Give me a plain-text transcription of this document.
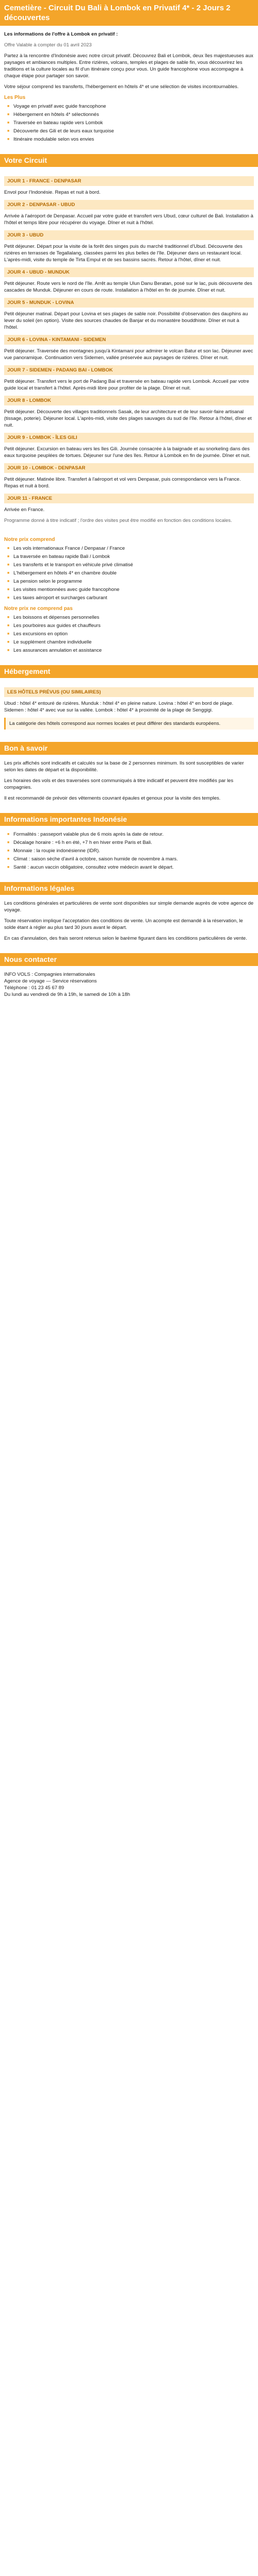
Cemetière - Circuit Du Bali à Lombok en Privatif 4* - 2 Jours 2 découvertes

Les informations de l'offre à Lombok en privatif :

Offre Valable à compter du 01 avril 2023

Partez à la rencontre d'Indonésie avec notre circuit privatif. Découvrez Bali et Lombok, deux îles majestueuses aux paysages et ambiances multiples. Entre rizières, volcans, temples et plages de sable fin, vous découvrirez les traditions et la culture locales au fil d'un itinéraire conçu pour vous. Un guide francophone vous accompagne à chaque étape pour partager son savoir.

Votre séjour comprend les transferts, l'hébergement en hôtels 4* et une sélection de visites incontournables.

Les Plus
■ Voyage en privatif avec guide francophone
■ Hébergement en hôtels 4* sélectionnés
■ Traversée en bateau rapide vers Lombok
■ Découverte des Gili et de leurs eaux turquoise
■ Itinéraire modulable selon vos envies
Votre Circuit
JOUR 1 - FRANCE - DENPASAR

Envol pour l'Indonésie. Repas et nuit à bord.

JOUR 2 - DENPASAR - UBUD

Arrivée à l'aéroport de Denpasar. Accueil par votre guide et transfert vers Ubud, cœur culturel de Bali. Installation à l'hôtel et temps libre pour récupérer du voyage. Dîner et nuit à l'hôtel.

JOUR 3 - UBUD

Petit déjeuner. Départ pour la visite de la forêt des singes puis du marché traditionnel d'Ubud. Découverte des rizières en terrasses de Tegallalang, classées parmi les plus belles de l'île. Déjeuner dans un restaurant local. L'après-midi, visite du temple de Tirta Empul et de ses bassins sacrés. Retour à l'hôtel, dîner et nuit.

JOUR 4 - UBUD - MUNDUK

Petit déjeuner. Route vers le nord de l'île. Arrêt au temple Ulun Danu Beratan, posé sur le lac, puis découverte des cascades de Munduk. Déjeuner en cours de route. Installation à l'hôtel en fin de journée. Dîner et nuit.

JOUR 5 - MUNDUK - LOVINA

Petit déjeuner matinal. Départ pour Lovina et ses plages de sable noir. Possibilité d'observation des dauphins au lever du soleil (en option). Visite des sources chaudes de Banjar et du monastère bouddhiste. Dîner et nuit à l'hôtel.

JOUR 6 - LOVINA - KINTAMANI - SIDEMEN

Petit déjeuner. Traversée des montagnes jusqu'à Kintamani pour admirer le volcan Batur et son lac. Déjeuner avec vue panoramique. Continuation vers Sidemen, vallée préservée aux paysages de rizières. Dîner et nuit.

JOUR 7 - SIDEMEN - PADANG BAI - LOMBOK

Petit déjeuner. Transfert vers le port de Padang Bai et traversée en bateau rapide vers Lombok. Accueil par votre guide local et transfert à l'hôtel. Après-midi libre pour profiter de la plage. Dîner et nuit.

JOUR 8 - LOMBOK

Petit déjeuner. Découverte des villages traditionnels Sasak, de leur architecture et de leur savoir-faire artisanal (tissage, poterie). Déjeuner local. L'après-midi, visite des plages sauvages du sud de l'île. Retour à l'hôtel, dîner et nuit.

JOUR 9 - LOMBOK - ÎLES GILI

Petit déjeuner. Excursion en bateau vers les îles Gili. Journée consacrée à la baignade et au snorkeling dans des eaux turquoise peuplées de tortues. Déjeuner sur l'une des îles. Retour à Lombok en fin de journée. Dîner et nuit.

JOUR 10 - LOMBOK - DENPASAR

Petit déjeuner. Matinée libre. Transfert à l'aéroport et vol vers Denpasar, puis correspondance vers la France. Repas et nuit à bord.

JOUR 11 - FRANCE

Arrivée en France.

Programme donné à titre indicatif ; l'ordre des visites peut être modifié en fonction des conditions locales.

Notre prix comprend
■ Les vols internationaux France / Denpasar / France
■ La traversée en bateau rapide Bali / Lombok
■ Les transferts et le transport en véhicule privé climatisé
■ L'hébergement en hôtels 4* en chambre double
■ La pension selon le programme
■ Les visites mentionnées avec guide francophone
■ Les taxes aéroport et surcharges carburant
Notre prix ne comprend pas
■ Les boissons et dépenses personnelles
■ Les pourboires aux guides et chauffeurs
■ Les excursions en option
■ Le supplément chambre individuelle
■ Les assurances annulation et assistance
Hébergement
LES HÔTELS PRÉVUS (OU SIMILAIRES)

Ubud : hôtel 4* entouré de rizières. Munduk : hôtel 4* en pleine nature. Lovina : hôtel 4* en bord de plage. Sidemen : hôtel 4* avec vue sur la vallée. Lombok : hôtel 4* à proximité de la plage de Senggigi.

La catégorie des hôtels correspond aux normes locales et peut différer des standards européens.
Bon à savoir

Les prix affichés sont indicatifs et calculés sur la base de 2 personnes minimum. Ils sont susceptibles de varier selon les dates de départ et la disponibilité.

Les horaires des vols et des traversées sont communiqués à titre indicatif et peuvent être modifiés par les compagnies.

Il est recommandé de prévoir des vêtements couvrant épaules et genoux pour la visite des temples.

Informations importantes Indonésie
■ Formalités : passeport valable plus de 6 mois après la date de retour.
■ Décalage horaire : +6 h en été, +7 h en hiver entre Paris et Bali.
■ Monnaie : la roupie indonésienne (IDR).
■ Climat : saison sèche d'avril à octobre, saison humide de novembre à mars.
■ Santé : aucun vaccin obligatoire, consultez votre médecin avant le départ.
Informations légales

Les conditions générales et particulières de vente sont disponibles sur simple demande auprès de votre agence de voyage.

Toute réservation implique l'acceptation des conditions de vente. Un acompte est demandé à la réservation, le solde étant à régler au plus tard 30 jours avant le départ.

En cas d'annulation, des frais seront retenus selon le barème figurant dans les conditions particulières de vente.

Nous contacter

INFO VOLS : Compagnies internationales

Agence de voyage — Service réservations

Téléphone : 01 23 45 67 89

Du lundi au vendredi de 9h à 19h, le samedi de 10h à 18h
